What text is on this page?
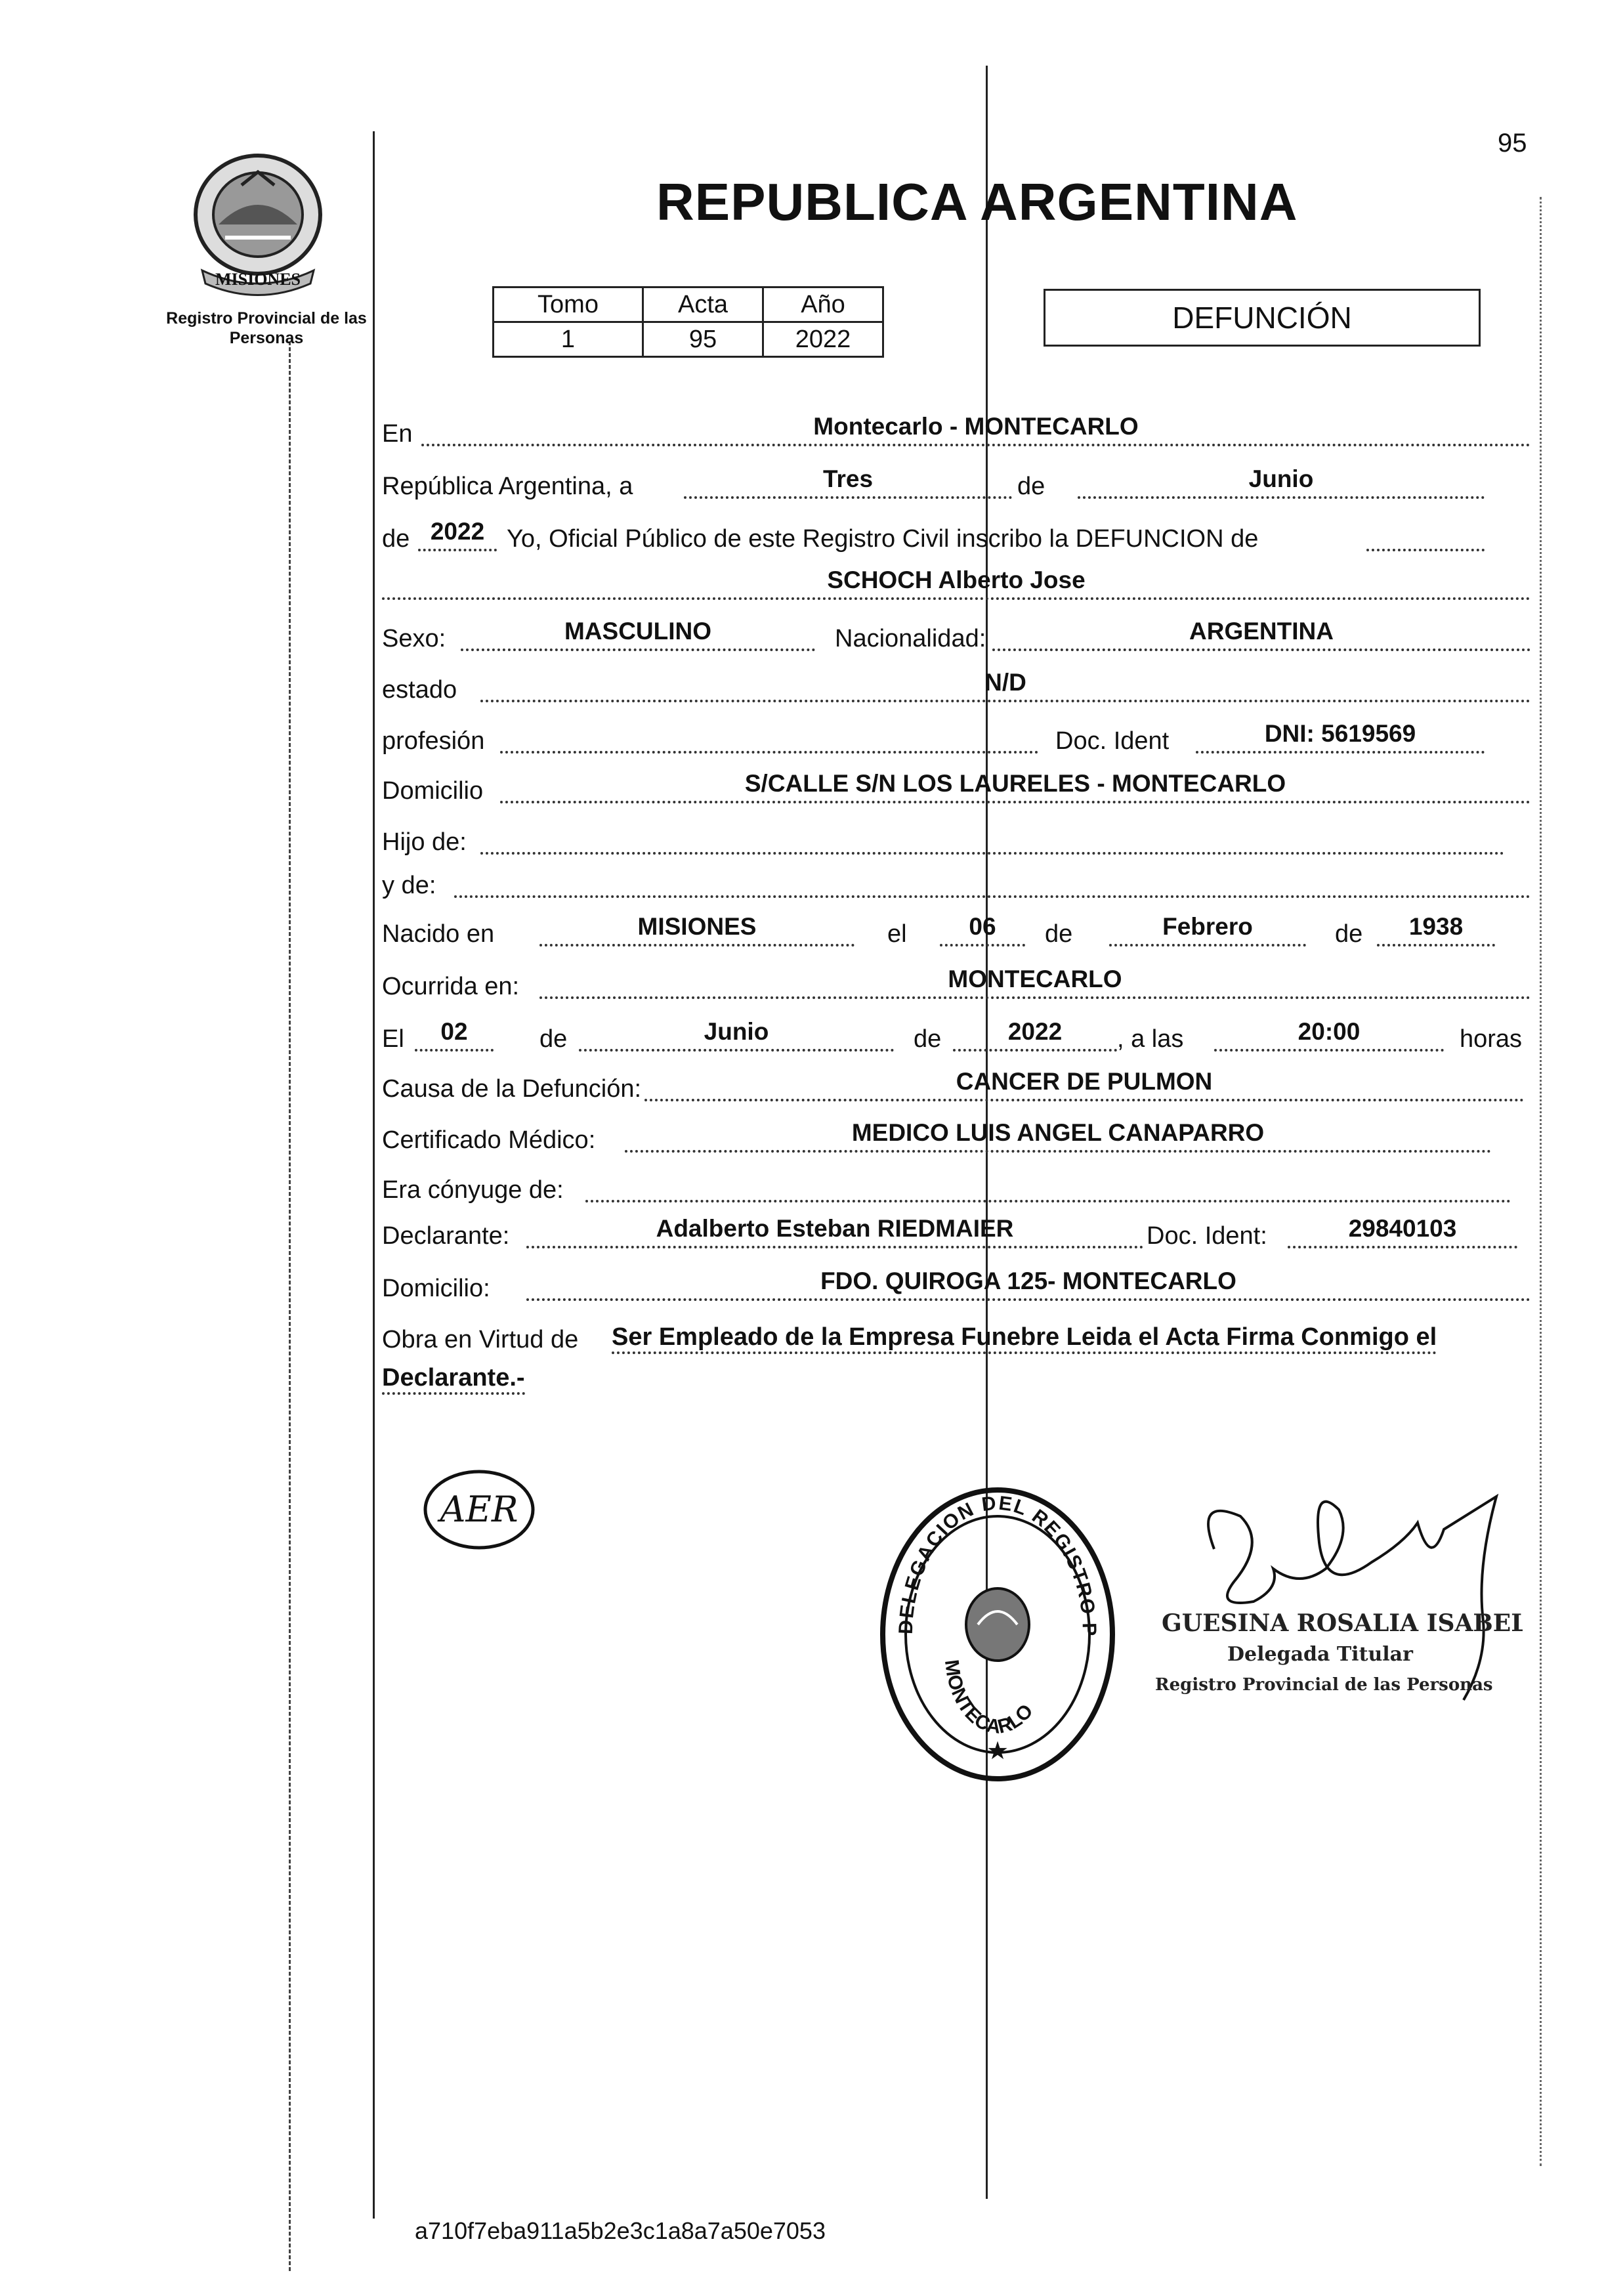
95
MISIONES
Registro Provincial de las Personas
REPUBLICA ARGENTINA
Tomo	Acta	Año
1	95	2022
DEFUNCIÓN
En	Montecarlo - MONTECARLO
República Argentina, a	Tres	de	Junio
de 2022 Yo, Oficial Público de este Registro Civil inscribo la DEFUNCION de
SCHOCH Alberto Jose
Sexo:	MASCULINO	Nacionalidad:	ARGENTINA
estado	N/D
profesión	Doc. Ident	DNI: 5619569
Domicilio	S/CALLE S/N LOS LAURELES - MONTECARLO
Hijo de:
y de:
Nacido en	MISIONES	el	06	de	Febrero	de	1938
Ocurrida en:	MONTECARLO
El	02	de	Junio	de	2022	, a las	20:00	horas
Causa de la Defunción:	CANCER DE PULMON
Certificado Médico:	MEDICO LUIS ANGEL CANAPARRO
Era cónyuge de:
Declarante:	Adalberto Esteban RIEDMAIER	Doc. Ident:	29840103
Domicilio:	FDO. QUIROGA 125- MONTECARLO
Obra en Virtud de Ser Empleado de la Empresa Funebre Leida el Acta Firma Conmigo el
Declarante.-
AER
DELEGACION DEL REGISTRO P
MONTECARLO
★
GUESINA ROSALIA ISABEL
Delegada Titular
Registro Provincial de las Personas
a710f7eba911a5b2e3c1a8a7a50e7053
